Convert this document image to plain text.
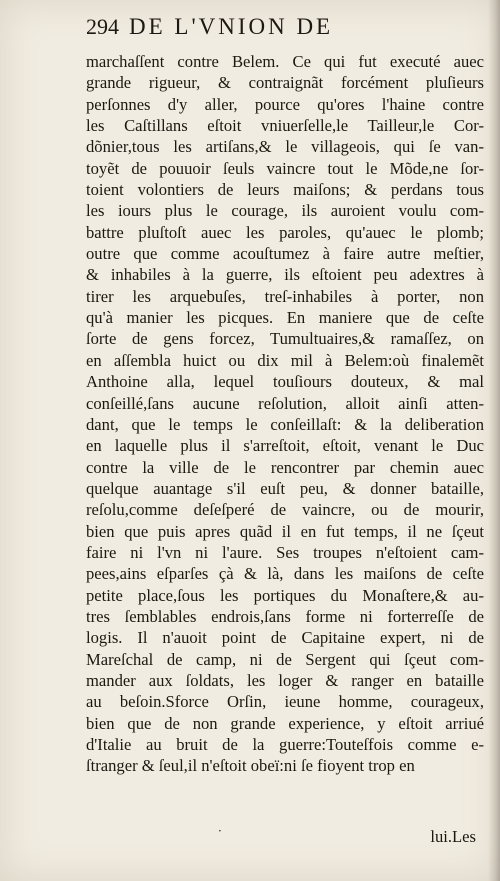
294 DE L'VNION DE
marchaſſent contre Belem. Ce qui fut executé auec
grande rigueur, & contraignãt forcément pluſieurs
perſonnes d'y aller, pource qu'ores l'haine contre
les Caſtillans eſtoit vniuerſelle,le Tailleur,le Cor-
dõnier,tous les artiſans,& le villageois, qui ſe van-
toyẽt de pouuoir ſeuls vaincre tout le Mõde,ne ſor-
toient volontiers de leurs maiſons; & perdans tous
les iours plus le courage, ils auroient voulu com-
battre pluſtoſt auec les paroles, qu'auec le plomb;
outre que comme acouſtumez à faire autre meſtier,
& inhabiles à la guerre, ils eſtoient peu adextres à
tirer les arquebuſes, treſ-inhabiles à porter, non
qu'à manier les picques. En maniere que de ceſte
ſorte de gens forcez, Tumultuaires,& ramaſſez, on
en aſſembla huict ou dix mil à Belem:où finalemẽt
Anthoine alla, lequel touſiours douteux, & mal
conſeillé,ſans aucune reſolution, alloit ainſi atten-
dant, que le temps le conſeillaſt: & la deliberation
en laquelle plus il s'arreſtoit, eſtoit, venant le Duc
contre la ville de le rencontrer par chemin auec
quelque auantage s'il euſt peu, & donner bataille,
reſolu,comme deſeſperé de vaincre, ou de mourir,
bien que puis apres quãd il en fut temps, il ne ſçeut
faire ni l'vn ni l'aure. Ses troupes n'eſtoient cam-
pees,ains eſparſes çà & là, dans les maiſons de ceſte
petite place,ſous les portiques du Monaſtere,& au-
tres ſemblables endrois,ſans forme ni forterreſſe de
logis. Il n'auoit point de Capitaine expert, ni de
Mareſchal de camp, ni de Sergent qui ſçeut com-
mander aux ſoldats, les loger & ranger en bataille
au beſoin.Sforce Orſin, ieune homme, courageux,
bien que de non grande experience, y eſtoit arriué
d'Italie au bruit de la guerre:Touteſfois comme e-
ſtranger & ſeul,il n'eſtoit obeï:ni ſe fioyent trop en
·	lui.Les
